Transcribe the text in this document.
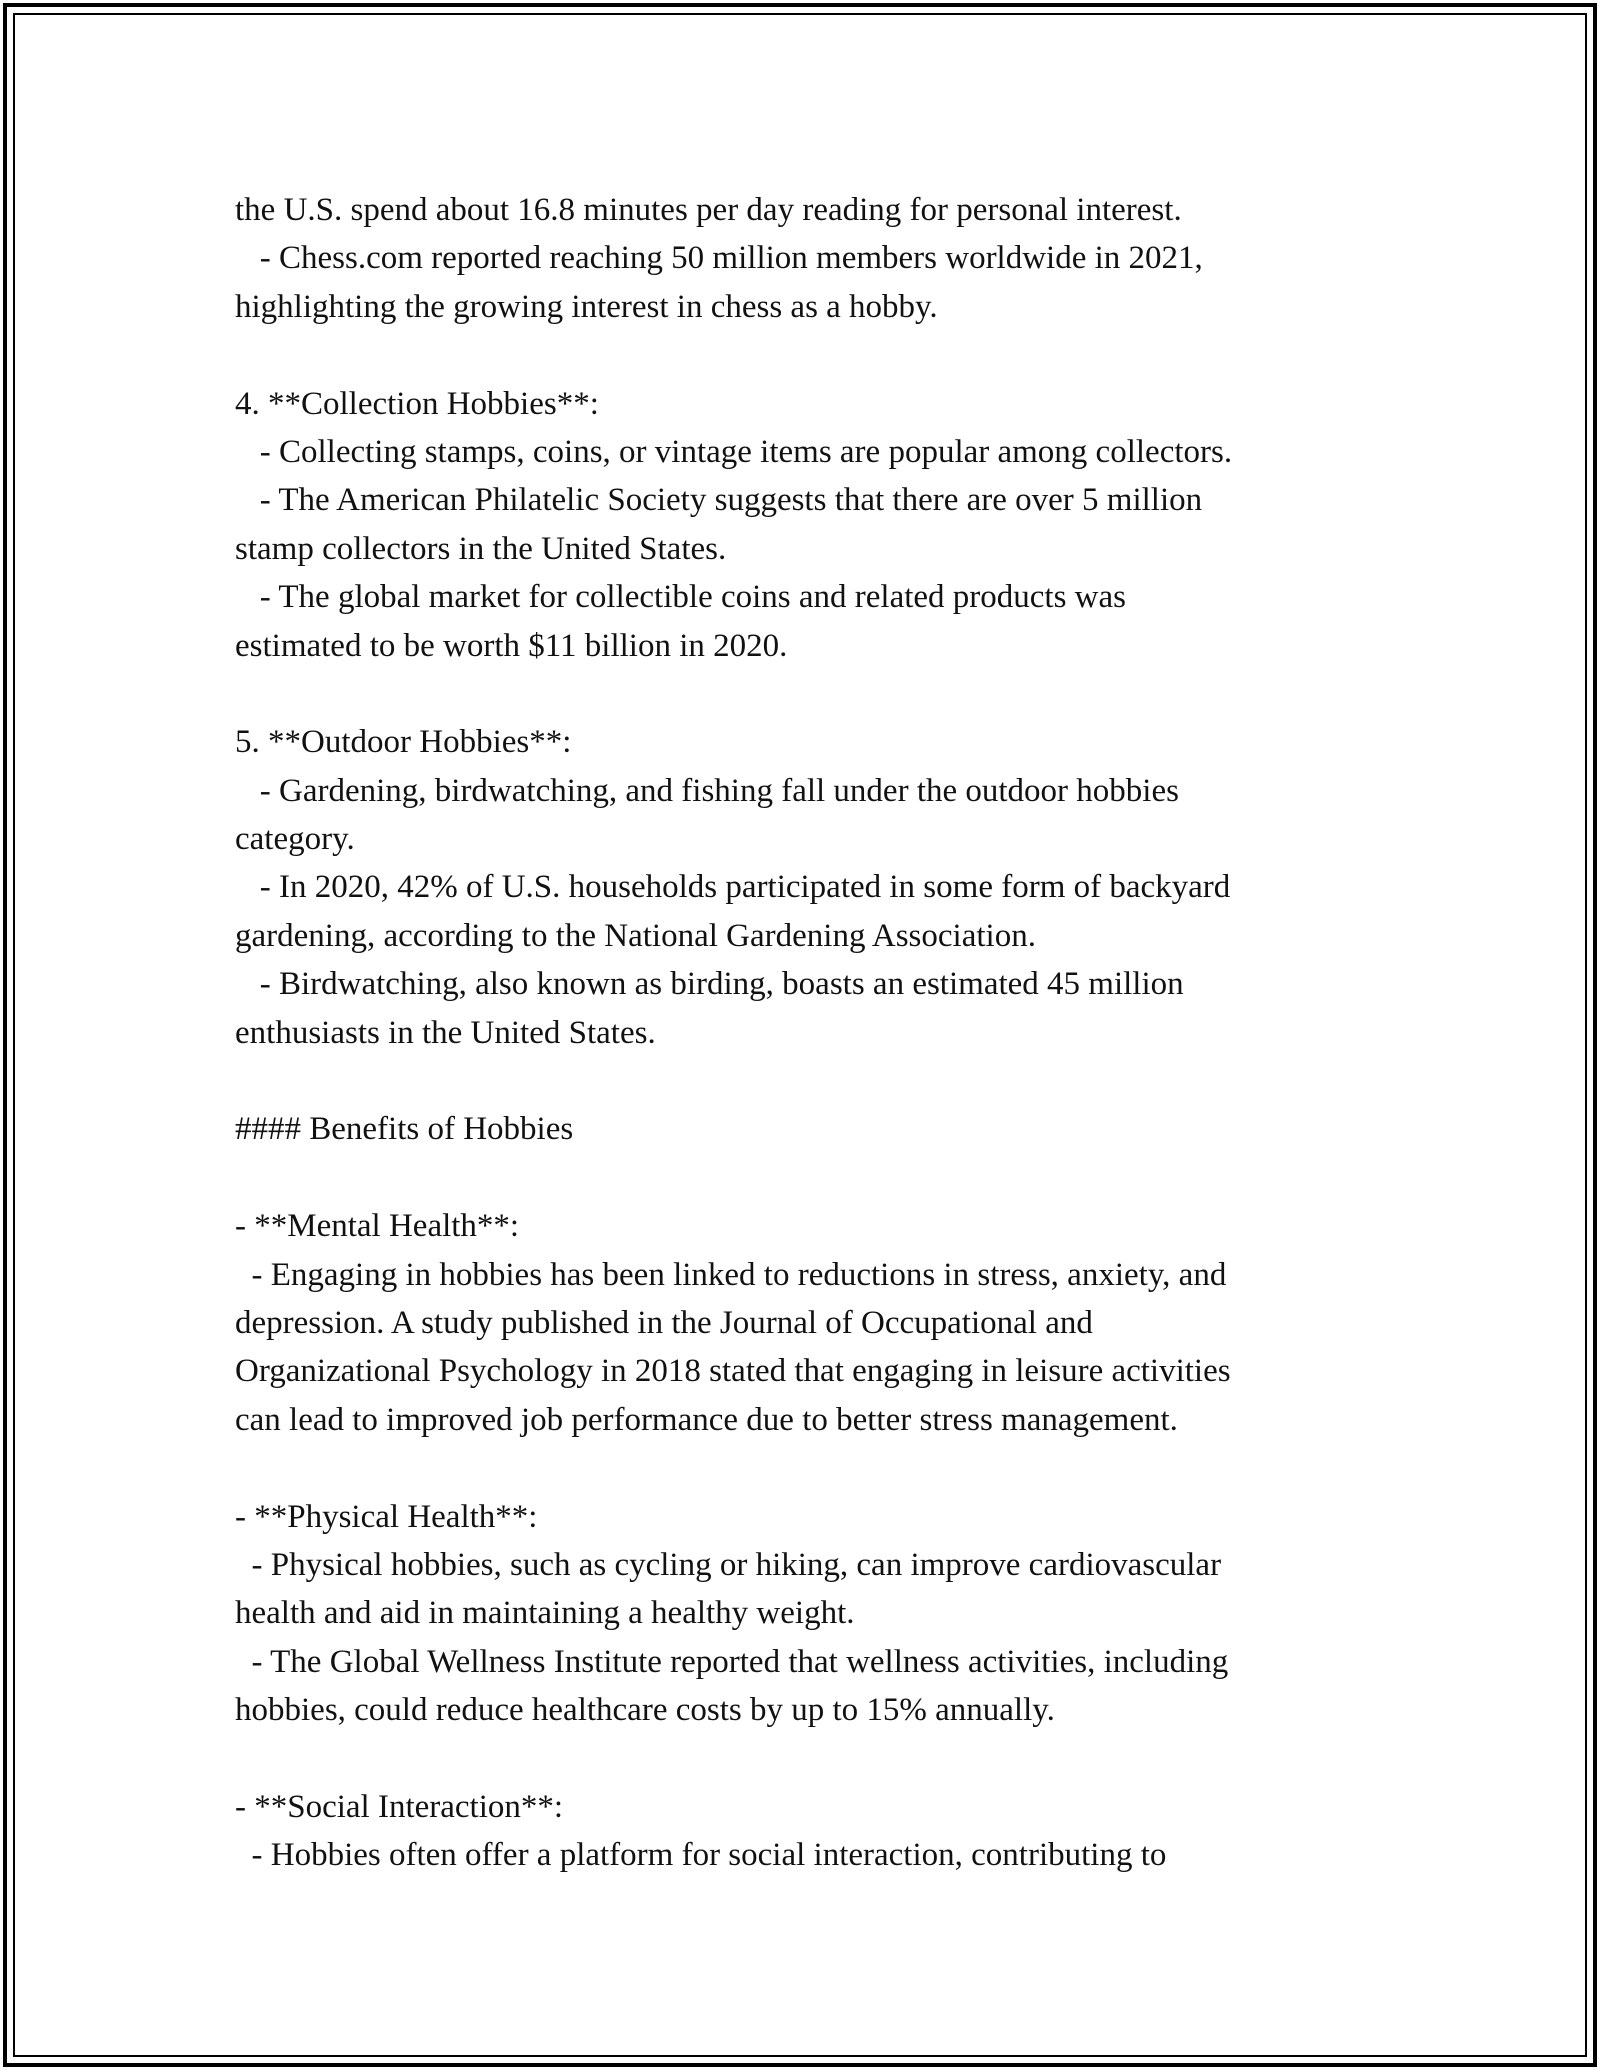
the U.S. spend about 16.8 minutes per day reading for personal interest.
- Chess.com reported reaching 50 million members worldwide in 2021,
highlighting the growing interest in chess as a hobby.
4. **Collection Hobbies**:
- Collecting stamps, coins, or vintage items are popular among collectors.
- The American Philatelic Society suggests that there are over 5 million
stamp collectors in the United States.
- The global market for collectible coins and related products was
estimated to be worth $11 billion in 2020.
5. **Outdoor Hobbies**:
- Gardening, birdwatching, and fishing fall under the outdoor hobbies
category.
- In 2020, 42% of U.S. households participated in some form of backyard
gardening, according to the National Gardening Association.
- Birdwatching, also known as birding, boasts an estimated 45 million
enthusiasts in the United States.
#### Benefits of Hobbies
- **Mental Health**:
- Engaging in hobbies has been linked to reductions in stress, anxiety, and
depression. A study published in the Journal of Occupational and
Organizational Psychology in 2018 stated that engaging in leisure activities
can lead to improved job performance due to better stress management.
- **Physical Health**:
- Physical hobbies, such as cycling or hiking, can improve cardiovascular
health and aid in maintaining a healthy weight.
- The Global Wellness Institute reported that wellness activities, including
hobbies, could reduce healthcare costs by up to 15% annually.
- **Social Interaction**:
- Hobbies often offer a platform for social interaction, contributing to
